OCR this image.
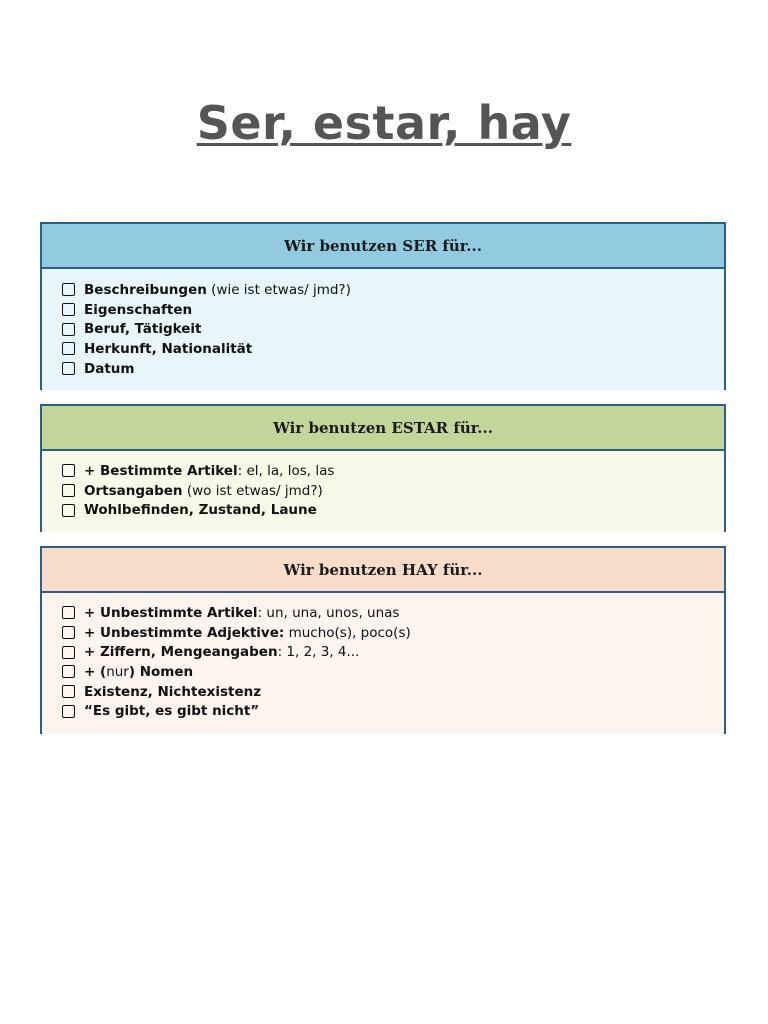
Ser, estar, hay
Wir benutzen SER für...
Beschreibungen (wie ist etwas/ jmd?)
Eigenschaften
Beruf, Tätigkeit
Herkunft, Nationalität
Datum
Wir benutzen ESTAR für...
+ Bestimmte Artikel : el, la, los, las
Ortsangaben (wo ist etwas/ jmd?)
Wohlbefinden, Zustand, Laune
Wir benutzen HAY für...
+ Unbestimmte Artikel : un, una, unos, unas
+ Unbestimmte Adjektive: mucho(s), poco(s)
+ Ziffern, Mengeangaben : 1, 2, 3, 4...
+ ( nur ) Nomen
Existenz, Nichtexistenz
“Es gibt, es gibt nicht”
